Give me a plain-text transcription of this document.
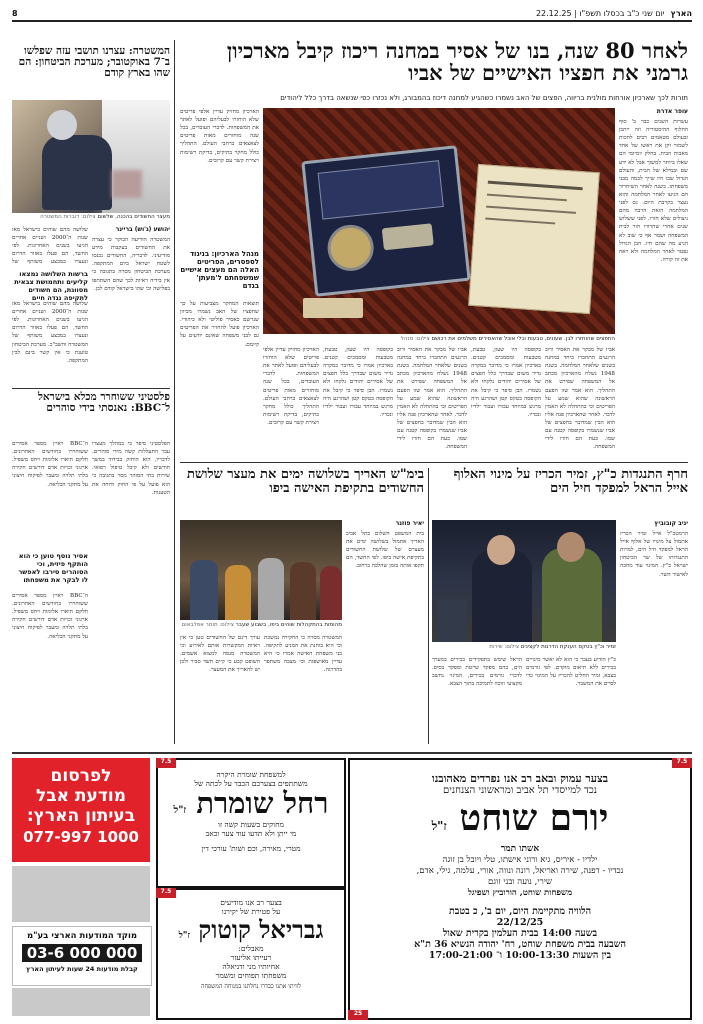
8	הארץ
יום שני כ"ב בכסלו תשפ"ו | 22.12.25
המשטרה: עצרנו תושבי עזה שפלשו ב־7 באוקטובר; מערכת הביטחון: הם שהו בארץ קודם
מעצר החשודים בהכנה, שלשום צילום: דוברות המשטרה
יהושע (ג'וש) בריינר
המשטרה הודיעה הבוקר כי עצרה את החשודים בעקבות מידע מודיעיני. לדבריה, החשודים נכנסו לשטח ישראל ביום המתקפה. מערכת הביטחון מסרה בתגובה כי אין בידיה ראיות לכך שהם השתתפו בפלישה וכי שהו בישראל קודם לכן.
שלושה מהם שוהים בישראל מאז שנות ה־2000 ושניים אחרים הגיעו בשנים האחרונות. לפי החשד, הם פעלו באזור הדרום ונעצרו במבצע משותף של
ברשות השלושה נמצאו קליעים ותחמושת צבאית מסווגת, הם חשודים לתקיפה נגדה חיים
שלושה מהם שוהים בישראל מאז שנות ה־2000 ושניים אחרים הגיעו בשנים האחרונות. לפי החשד, הם פעלו באזור הדרום ונעצרו במבצע משותף של המשטרה והשב"כ. מערכת הביטחון טוענת כי אין קשר בינם לבין המתקפה.
פלסטיני ששוחרר מכלא בישראל ל־BBC: נאנסתי בידי סוהרים
הפלסטיני סיפר כי במהלך מעצרו עבר התעללות קשה מידי סוהרים. לדבריו, הוא הוחזק בבידוד במשך חודשים ולא קיבל טיפול רפואי. שירות בתי הסוהר מסר בתגובה כי הוא פועל על פי החוק ודוחה את הטענות.
ה־BBC ראיין מספר אסירים ששוחררו בחודשים האחרונים. חלקם תיארו אלימות ויחס משפיל. ארגוני זכויות אדם דורשים חקירה בלתי תלויה ומעבר לפיקוח חיצוני על מתקני הכליאה.
אסיר נוסף טוען כי הוא הותקף פיזית, וכי הסוהרים סירבו לאפשר לו לבקר את משפחתו
ה־BBC ראיין מספר אסירים ששוחררו בחודשים האחרונים. חלקם תיארו אלימות ויחס משפיל. ארגוני זכויות אדם דורשים חקירה בלתי תלויה ומעבר לפיקוח חיצוני על מתקני הכליאה.
לאחר 80 שנה, בנו של אסיר במחנה ריכוז קיבל מארכיון גרמני את חפציו האישיים של אביו
תורות לכך שארכיון אורחות מולנית בריווה, הפצים של האב נשמרו כשהגיע למחנה דיכוז בהמבורג, ולא נכזרו כפי שנשאה בדרך כלל ליהודים
החפצים שהוחזרו לבן. שעונים, טבעות וכלי אוכל שהאסירים משלמים את רכושם צילום: מנהל
עופר אדרת
עשרות השנים כבר ב' סוף החלוף ההיסטוריה וזה ייתכן ובעולם מטאמים רבים לחכות לשמור זקן את ראשו של אחד מאבות הבית. בחלק יומיומי הם שאלו ביותר למשוך אבל לא ידע שם ובמילא של הבית, והעולם הגדול שבו חיו שייך לכמה מבני משפחתו. בשנה לאחר השיחרור הם הגיעו לאחר המלחמה והוא נעצר בקרבת היום. גם לפני המלחמה הזאת הרבה מהם ניצולים שלא חזרו. לפני ששלוש שנים אחרי שחרורו חזר לבית המשפחה ושמר אף כי שוב לא הגיע מה שהם חיו. הבן הגדול נפטר לאחר המלחמה ולא ראה את זה קורה.
הארכיון מחזיק עדיין אלפי פריטים שלא הוחזרו לבעליהם ופועל לאתר את המשפחות. לדברי העובדים, בכל שנה מוחזרים מאות פריטים לצאצאים ברחבי העולם. התהליך כולל מחקר בתיקים, בדיקת רשימות ויצירת קשר עם קרובים.
מנהל הארכיון: בניגוד לספסרים, הפריטים האלה הם מעצים אישיים שמשפחתם ל'מעתן' בגדם
תוצאות המחקר מצביעות על כך שחפציו של האב נשמרו מכיוון שנרשם כאסיר פוליטי ולא כיהודי. הארכיון פועל להחזיר את הפריטים גם לבני משפחה שאינם יודעים על קיומם.
אביו של מבקר את האסיר ורוב הרגעים התחברו ביחד במחנה בשנים שלאחר המלחמה. בשנת 1948 נשלח מהארכיון מכתב אל המשפחה שפירט את התהליך. הוא אמר שזו הפעם הראשונה שהוא שמע על הפריטים וכי בהתחלה לא האמין לדבר. לאחר שהארכיון פנה אליו הוא הבין שמדובר בחפצים של אביו שנשמרו בקופסה קטנה עם שמו. כעת הם חזרו לידי המשפחה.
בקופסה היו שעון, טבעת, מטבעות ומסמכים קטנים. בארכיון אמרו כי מדובר במקרה נדיר משום שבדרך כלל חפצים של אסירים יהודים נלקחו ולא נשמרו. הבן סיפר כי קיבל את הקופסה בטקס קטן ושהרגע היה מרגש במיוחד עבורו ועבור ילדיו ונכדיו.
אביו של מבקר את האסיר ורוב הרגעים התחברו ביחד במחנה בשנים שלאחר המלחמה. בשנת 1948 נשלח מהארכיון מכתב אל המשפחה שפירט את התהליך. הוא אמר שזו הפעם הראשונה שהוא שמע על הפריטים וכי בהתחלה לא האמין לדבר. לאחר שהארכיון פנה אליו הוא הבין שמדובר בחפצים של אביו שנשמרו בקופסה קטנה עם שמו. כעת הם חזרו לידי המשפחה.
בקופסה היו שעון, טבעת, מטבעות ומסמכים קטנים. בארכיון אמרו כי מדובר במקרה נדיר משום שבדרך כלל חפצים של אסירים יהודים נלקחו ולא נשמרו. הבן סיפר כי קיבל את הקופסה בטקס קטן ושהרגע היה מרגש במיוחד עבורו ועבור ילדיו ונכדיו.
הארכיון מחזיק עדיין אלפי פריטים שלא הוחזרו לבעליהם ופועל לאתר את המשפחות. לדברי העובדים, בכל שנה מוחזרים מאות פריטים לצאצאים ברחבי העולם. התהליך כולל מחקר בתיקים, בדיקת רשימות ויצירת קשר עם קרובים.
חרף התנגדות כ"ץ, זמיר הכריז על מינוי האלוף אייל הראל למפקד חיל הים
יניב קובוביץ
הרמטכ"ל אייל זמיר הכריז אתמול על מינויו של אלוף אייל הראל למפקד חיל הים, למרות התנגדותו של שר הביטחון ישראל כ"ץ. המינוי עוד מחכה לאישור השר.
זמיר וכ"ץ בטקס הענקת הדרגות לקצינים צילום: שירות
כ"ץ הודיע בעבר כי הוא לא יאשר מינויים בכירים ללא תיאום מוקדם. לפי גורמים בצבא, זמיר החליט להכריז על המינוי כדי לסיים את המשבר.
הראל שימש בתפקידים בכירים במערך הים, בהם מפקד שייטת ומפקד בסיס. לדברי גורמים בכירים, המינוי נחשב מקצועי וזוכה לתמיכה בתוך הצבא.
בימ"ש האריך בשלושה ימים את מעצר שלושת החשודים בתקיפת האישה ביפו
יאיר פוזנר
בית המשפט השלום בתל אביב האריך אתמול בשלושה ימים את מעצרם של שלושת החשודים בתקיפת אישה ביפו. לפי החשד, הם תקפו אותה בזמן שהלכה ברחוב.
מהומות בהתקהלות שוהים ביפו, בשבוע שעבר צילום: תומר אפלבאום
המשטרה מסרה כי החקירה נמשכת וכי היא בוחנת את המניע לתקיפה. בני משפחת האישה אמרו כי היא עדיין מאושפזת וכי מצבה משתפר בהדרגה.
עורך דינם של החשודים טען כי אין ראיות המקשרות אותם לאירוע וכי המשטרה מנסה למצוא אשמים. השופט קבע כי קיים חשד סביר ולכן יש להאריך את המעצר.
לפרסום
מודעת אבל
בעיתון הארץ:
077-997 1000
מוקד המודעות הארצי בע"מ
03-6 000 000
קבלת מודעות 24 שעות לעיתון הארץ
7.5
למשפחת שומרת היקרה
משתתפים בצערכם הכבד על לכתה של
רחל שומרת ז"ל
מחוקים בשעות קשה זו
מי ייתן ולא תדעו עוד צער וכאב
מטרי, מאירה, וכם ושות' עורכי דין
7.5
בצער רב אנו מודיעים
על פטירת של יקירנו
גבריאל קוטוק ז"ל
מאבלים:
רעייתו אליעזר
אחיותיו מני ודניאלה
משפחתו תפוחים ומשמר
לוויתו אתנו כבדרו נחלתנו במנוחה המשפחה
7.5
בצער עמוק ובאב רב אנו נפרדים מאהובנו
נכד למייסדי תל אביב ומראשוני הצנחנים
יורם שוחט ז"ל
אשתו תמר
ילדיו - איריס, גיא ורוני אישתו, טלי ויובל בן זוגה
נכדיו - דפנה, שירה ואריאל, רונה ונווה, אורי, עלמה, גילי, אדם,
שירי, נועה ובני זוגם
משפחות שוחט, הורוביץ ושפיגל
הלוויה מתקיימת היום, יום ב', כ בטבת
22/12/25
בשעה 14:00 בבית העלמין בקרית שאול
השבעה בבית משפחת שוחט, רח' יהודה הנשיא 36 ת"א
בין השעות 10:00-13:30 ו־ 17:00-21:00
25
